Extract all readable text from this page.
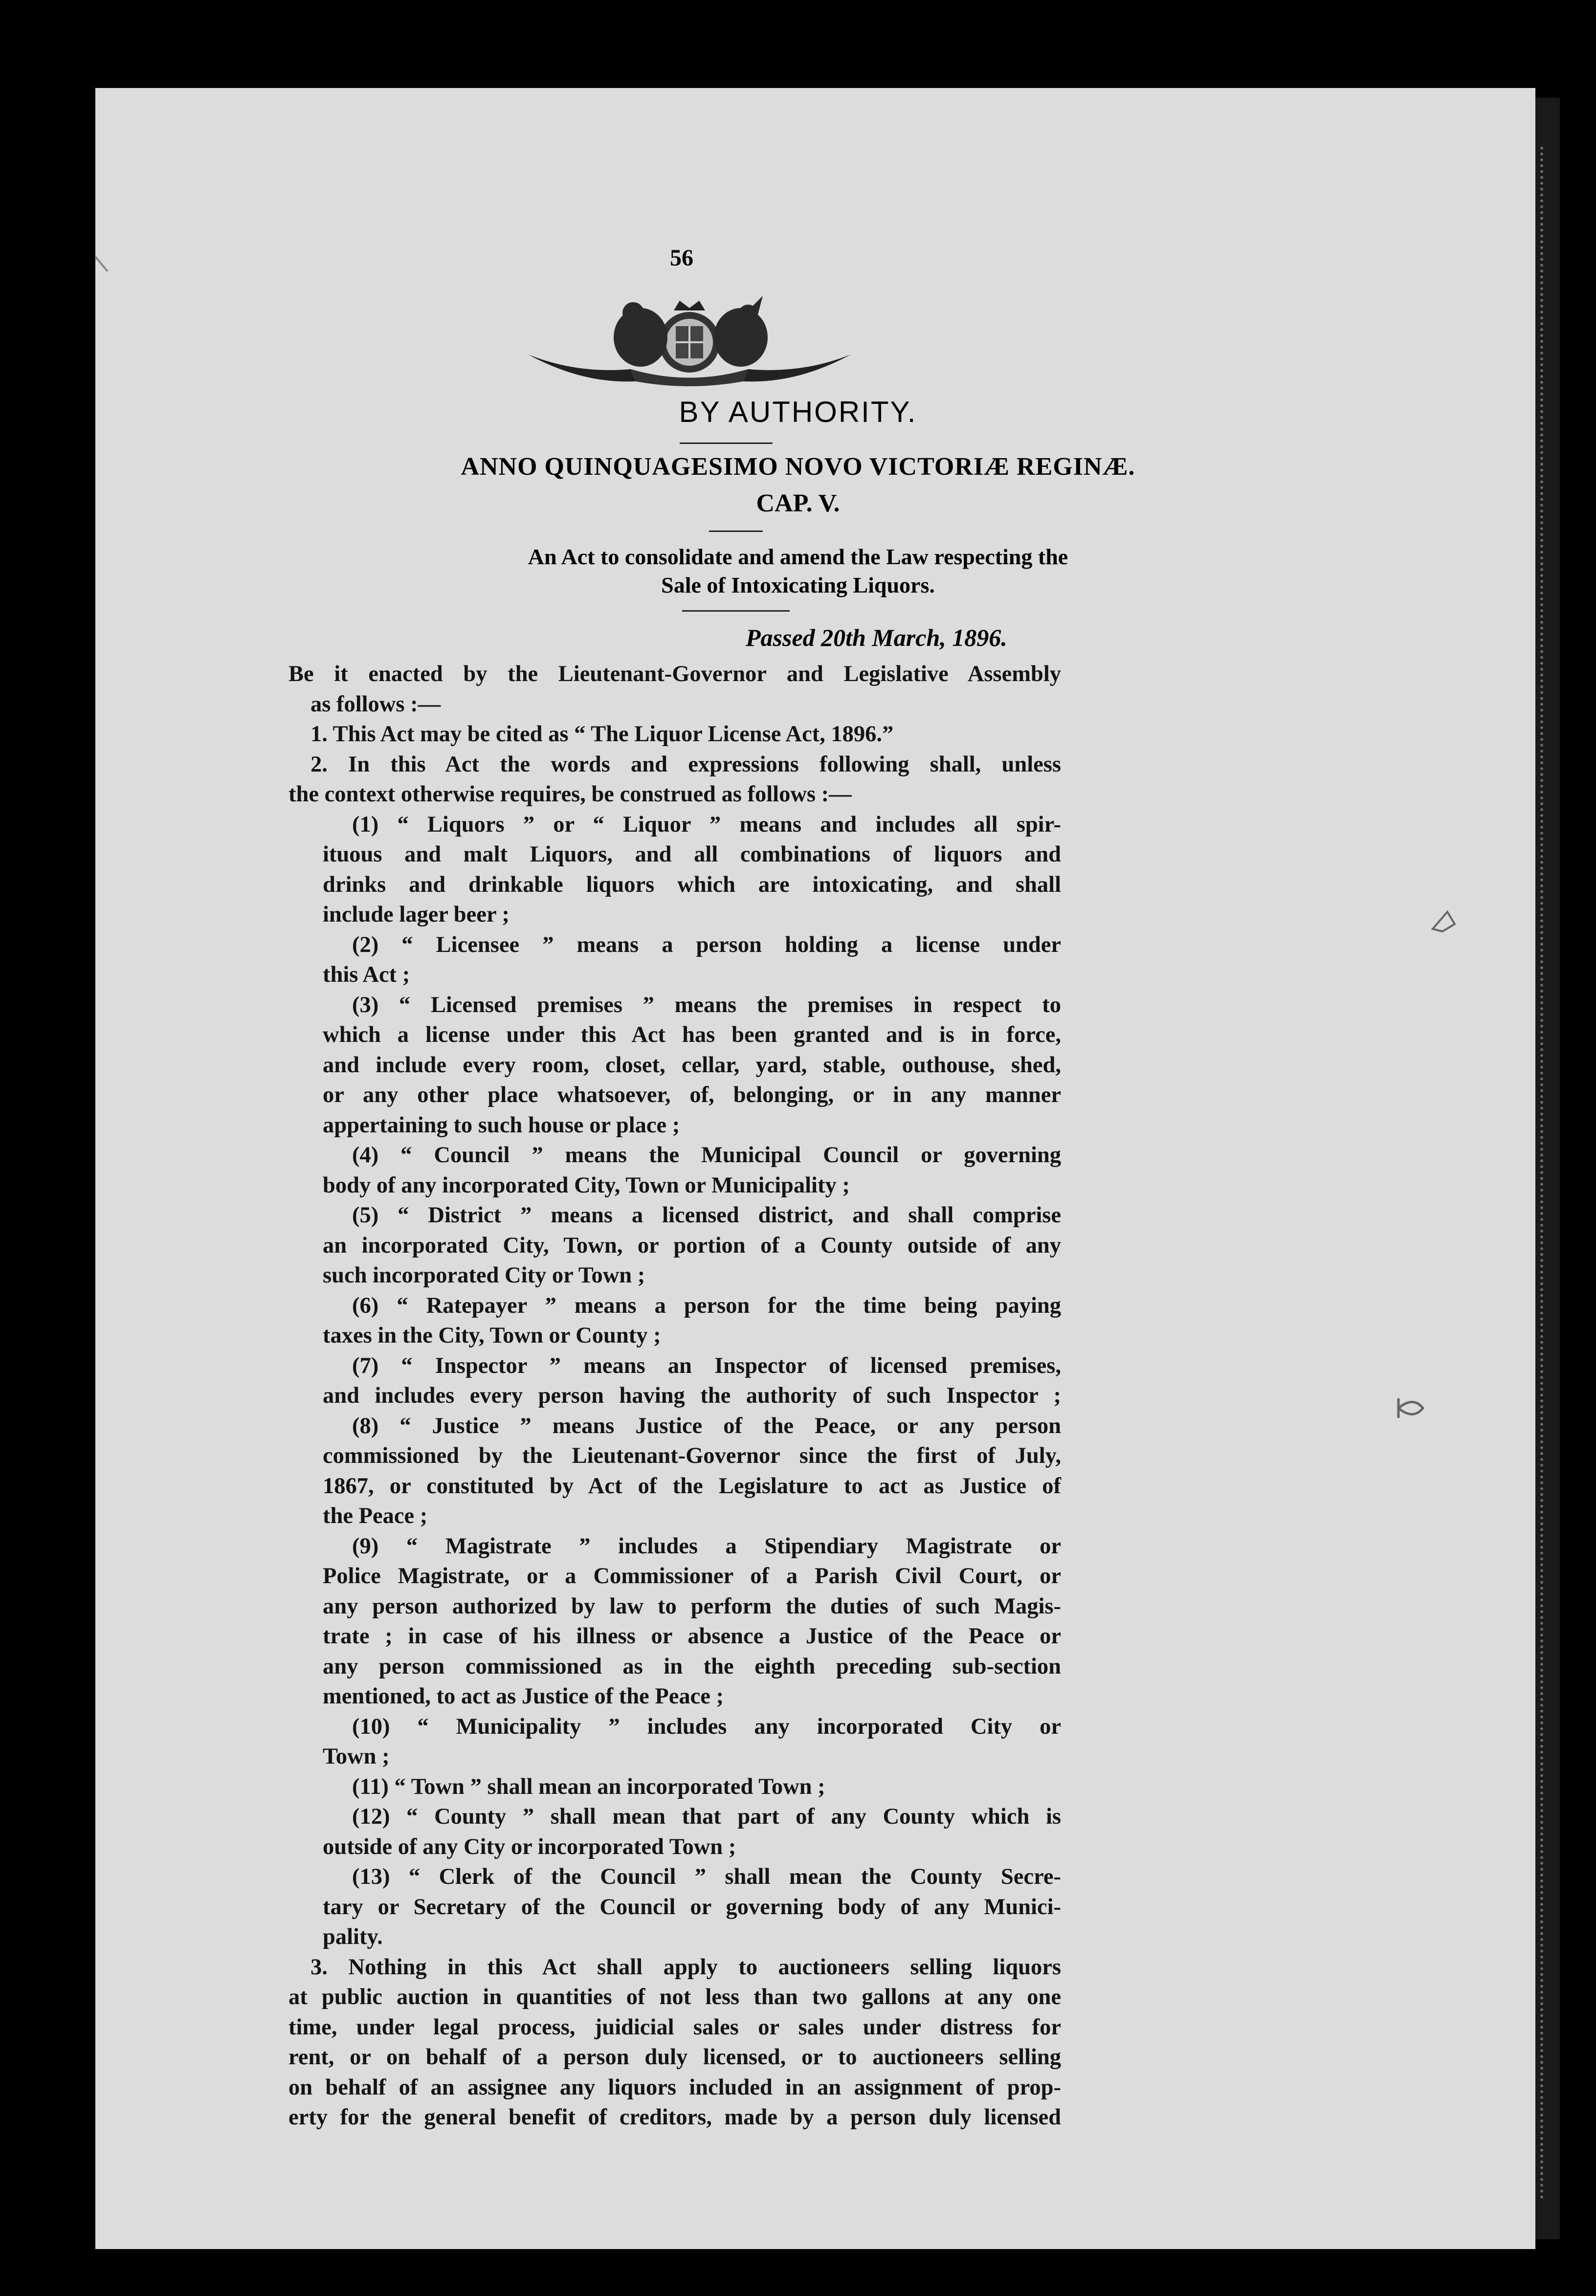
56
BY AUTHORITY.
ANNO QUINQUAGESIMO NOVO VICTORIÆ REGINÆ.
CAP. V.
An Act to consolidate and amend the Law respecting the
Sale of Intoxicating Liquors.
Passed 20th March, 1896.
Be it enacted by the Lieutenant-Governor and Legislative Assembly
as follows :—
1. This Act may be cited as “ The Liquor License Act, 1896.”
2. In this Act the words and expressions following shall, unless
the context otherwise requires, be construed as follows :—
(1) “ Liquors ” or “ Liquor ” means and includes all spir-
ituous and malt Liquors, and all combinations of liquors and
drinks and drinkable liquors which are intoxicating, and shall
include lager beer ;
(2) “ Licensee ” means a person holding a license under
this Act ;
(3) “ Licensed premises ” means the premises in respect to
which a license under this Act has been granted and is in force,
and include every room, closet, cellar, yard, stable, outhouse, shed,
or any other place whatsoever, of, belonging, or in any manner
appertaining to such house or place ;
(4) “ Council ” means the Municipal Council or governing
body of any incorporated City, Town or Municipality ;
(5) “ District ” means a licensed district, and shall comprise
an incorporated City, Town, or portion of a County outside of any
such incorporated City or Town ;
(6) “ Ratepayer ” means a person for the time being paying
taxes in the City, Town or County ;
(7) “ Inspector ” means an Inspector of licensed premises,
and includes every person having the authority of such Inspector ;
(8) “ Justice ” means Justice of the Peace, or any person
commissioned by the Lieutenant-Governor since the first of July,
1867, or constituted by Act of the Legislature to act as Justice of
the Peace ;
(9) “ Magistrate ” includes a Stipendiary Magistrate or
Police Magistrate, or a Commissioner of a Parish Civil Court, or
any person authorized by law to perform the duties of such Magis-
trate ; in case of his illness or absence a Justice of the Peace or
any person commissioned as in the eighth preceding sub-section
mentioned, to act as Justice of the Peace ;
(10) “ Municipality ” includes any incorporated City or
Town ;
(11) “ Town ” shall mean an incorporated Town ;
(12) “ County ” shall mean that part of any County which is
outside of any City or incorporated Town ;
(13) “ Clerk of the Council ” shall mean the County Secre-
tary or Secretary of the Council or governing body of any Munici-
pality.
3. Nothing in this Act shall apply to auctioneers selling liquors
at public auction in quantities of not less than two gallons at any one
time, under legal process, juidicial sales or sales under distress for
rent, or on behalf of a person duly licensed, or to auctioneers selling
on behalf of an assignee any liquors included in an assignment of prop-
erty for the general benefit of creditors, made by a person duly licensed
